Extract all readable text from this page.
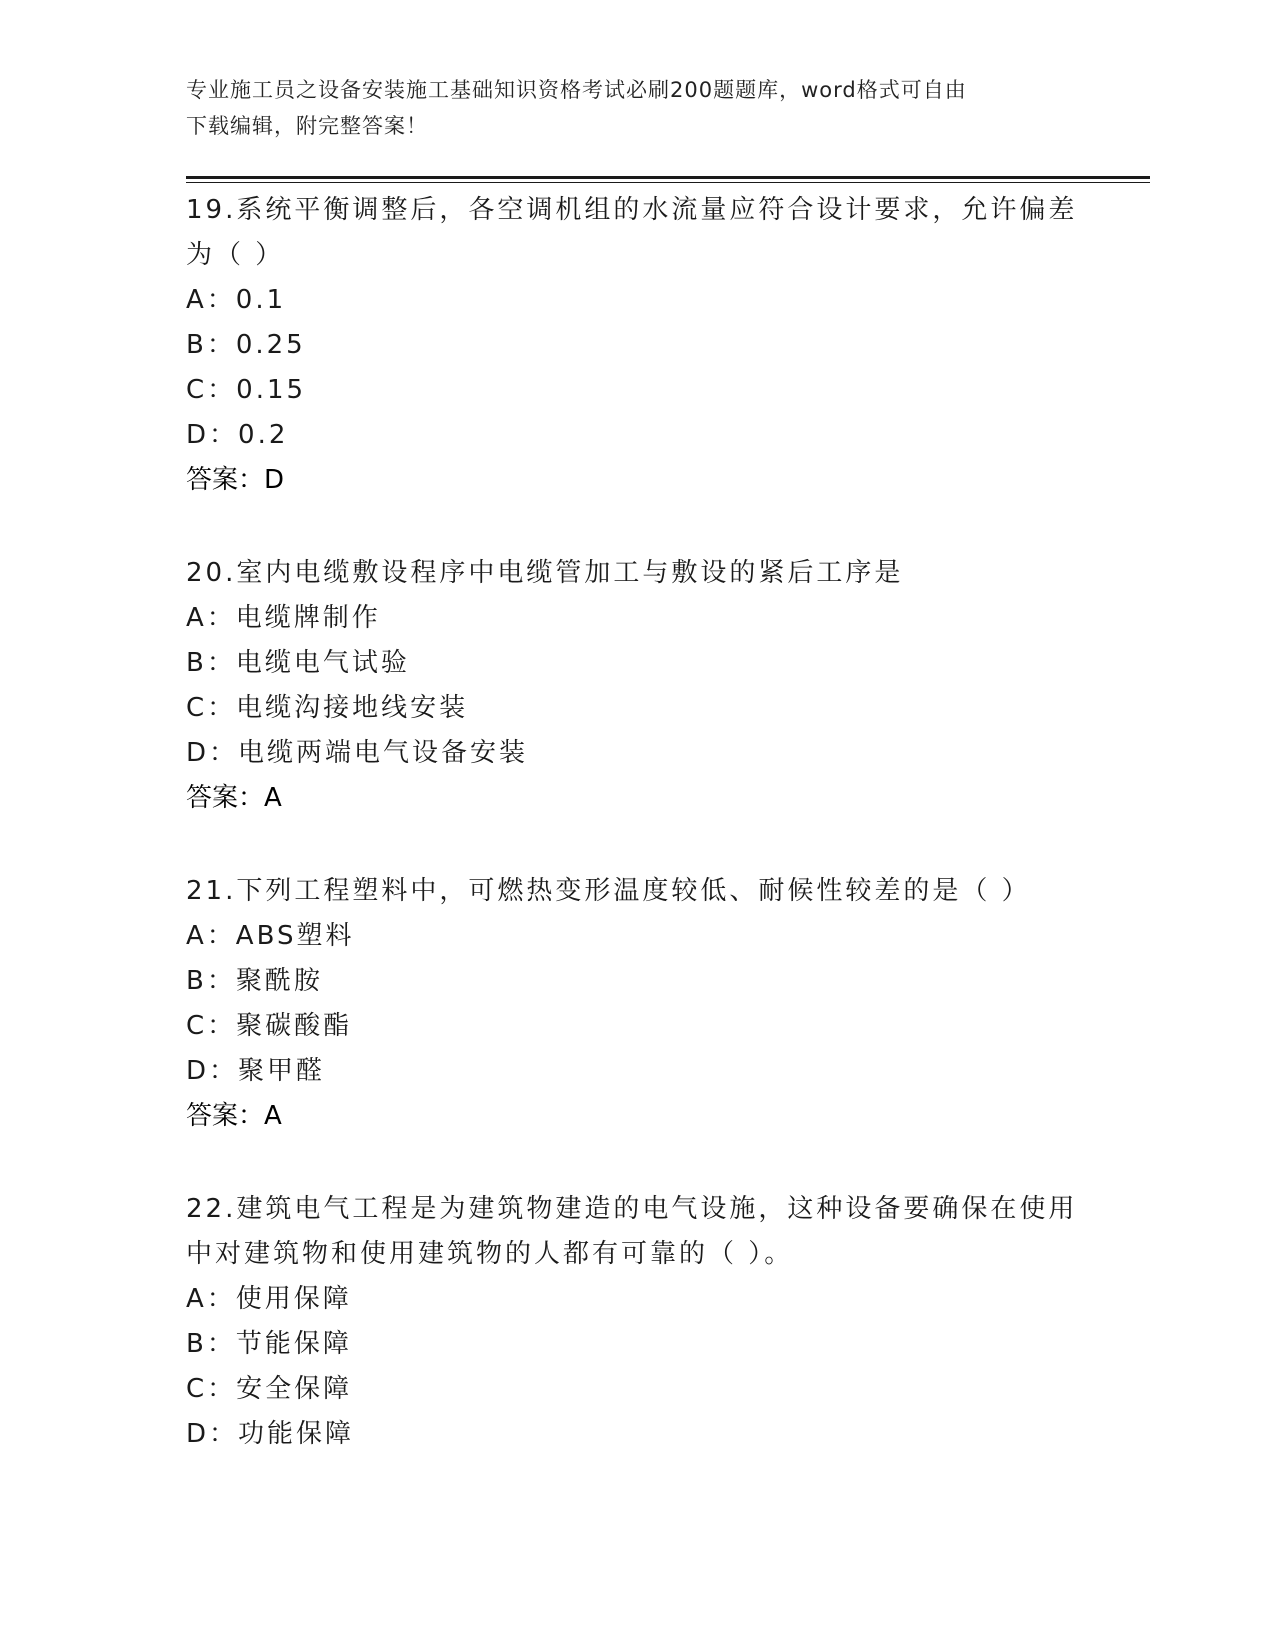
专业施工员之设备安装施工基础知识资格考试必刷200题题库，word格式可自由
下载编辑，附完整答案！

19.系统平衡调整后，各空调机组的水流量应符合设计要求，允许偏差

为（ ）

A：0.1

B：0.25

C：0.15

D：0.2

答案：D

20.室内电缆敷设程序中电缆管加工与敷设的紧后工序是

A：电缆牌制作

B：电缆电气试验

C：电缆沟接地线安装

D：电缆两端电气设备安装

答案：A

21.下列工程塑料中，可燃热变形温度较低、耐候性较差的是（ ）

A：ABS塑料

B：聚酰胺

C：聚碳酸酯

D：聚甲醛

答案：A

22.建筑电气工程是为建筑物建造的电气设施，这种设备要确保在使用

中对建筑物和使用建筑物的人都有可靠的（ ）。

A：使用保障

B：节能保障

C：安全保障

D：功能保障
